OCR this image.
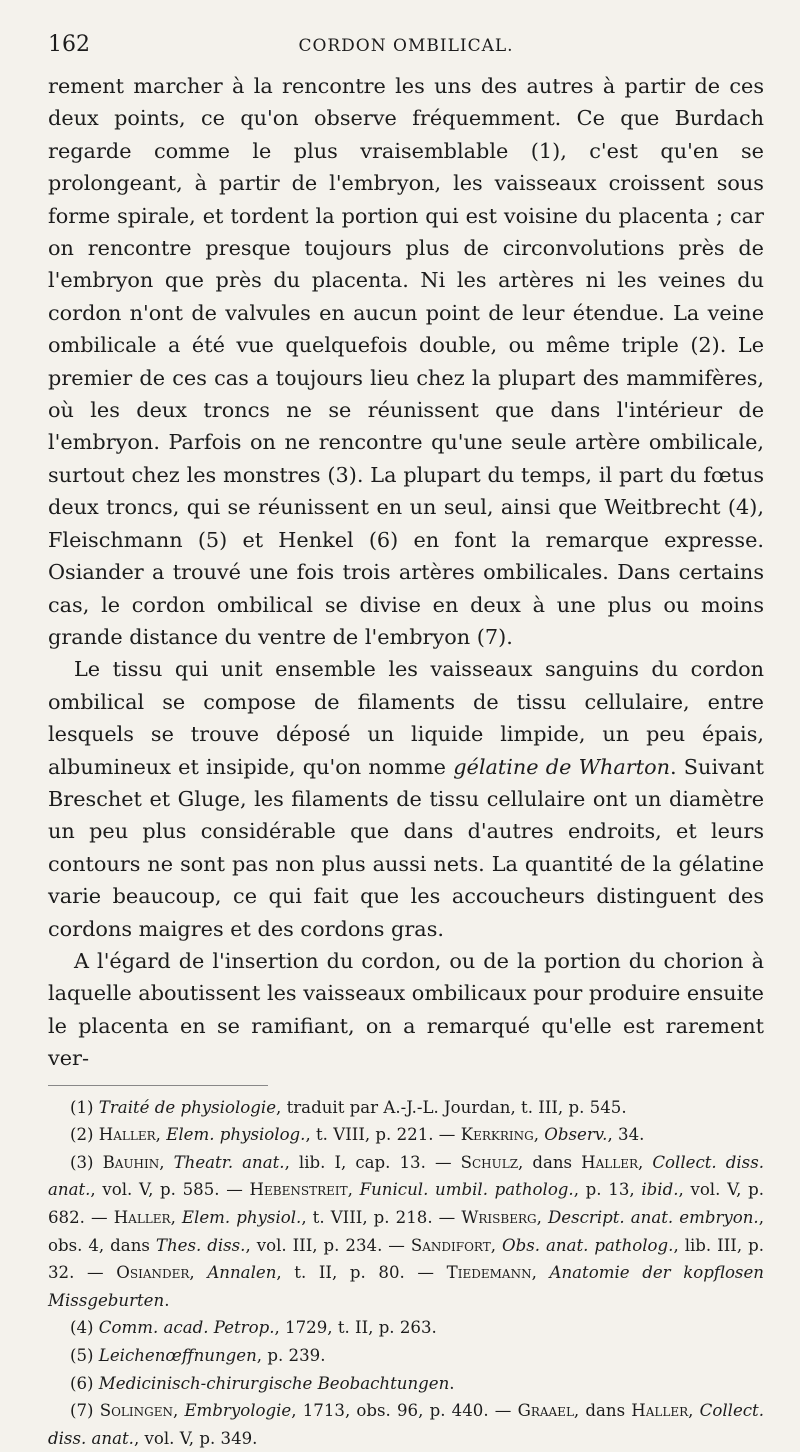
162	CORDON OMBILICAL.

rement marcher à la rencontre les uns des autres à partir de ces deux points, ce qu'on observe fréquemment. Ce que Burdach regarde comme le plus vraisemblable (1), c'est qu'en se prolongeant, à partir de l'embryon, les vaisseaux croissent sous forme spirale, et tordent la portion qui est voisine du placenta ; car on rencontre presque toujours plus de circonvolutions près de l'embryon que près du placenta. Ni les artères ni les veines du cordon n'ont de valvules en aucun point de leur étendue. La veine ombilicale a été vue quelquefois double, ou même triple (2). Le premier de ces cas a toujours lieu chez la plupart des mammifères, où les deux troncs ne se réunissent que dans l'intérieur de l'embryon. Parfois on ne rencontre qu'une seule artère ombilicale, surtout chez les monstres (3). La plupart du temps, il part du fœtus deux troncs, qui se réunissent en un seul, ainsi que Weitbrecht (4), Fleischmann (5) et Henkel (6) en font la remarque expresse. Osiander a trouvé une fois trois artères ombilicales. Dans certains cas, le cordon ombilical se divise en deux à une plus ou moins grande distance du ventre de l'embryon (7).

Le tissu qui unit ensemble les vaisseaux sanguins du cordon ombilical se compose de filaments de tissu cellulaire, entre lesquels se trouve déposé un liquide limpide, un peu épais, albumineux et insipide, qu'on nomme gélatine de Wharton. Suivant Breschet et Gluge, les filaments de tissu cellulaire ont un diamètre un peu plus considérable que dans d'autres endroits, et leurs contours ne sont pas non plus aussi nets. La quantité de la gélatine varie beaucoup, ce qui fait que les accoucheurs distinguent des cordons maigres et des cordons gras.

A l'égard de l'insertion du cordon, ou de la portion du chorion à laquelle aboutissent les vaisseaux ombilicaux pour produire ensuite le placenta en se ramifiant, on a remarqué qu'elle est rarement ver-

(1) Traité de physiologie, traduit par A.-J.-L. Jourdan, t. III, p. 545.

(2) Haller, Elem. physiolog., t. VIII, p. 221. — Kerkring, Observ., 34.

(3) Bauhin, Theatr. anat., lib. I, cap. 13. — Schulz, dans Haller, Collect. diss. anat., vol. V, p. 585. — Hebenstreit, Funicul. umbil. patholog., p. 13, ibid., vol. V, p. 682. — Haller, Elem. physiol., t. VIII, p. 218. — Wrisberg, Descript. anat. embryon., obs. 4, dans Thes. diss., vol. III, p. 234. — Sandifort, Obs. anat. patholog., lib. III, p. 32. — Osiander, Annalen, t. II, p. 80. — Tiedemann, Anatomie der kopflosen Missgeburten.

(4) Comm. acad. Petrop., 1729, t. II, p. 263.

(5) Leichenœffnungen, p. 239.

(6) Medicinisch-chirurgische Beobachtungen.

(7) Solingen, Embryologie, 1713, obs. 96, p. 440. — Graael, dans Haller, Collect. diss. anat., vol. V, p. 349.
